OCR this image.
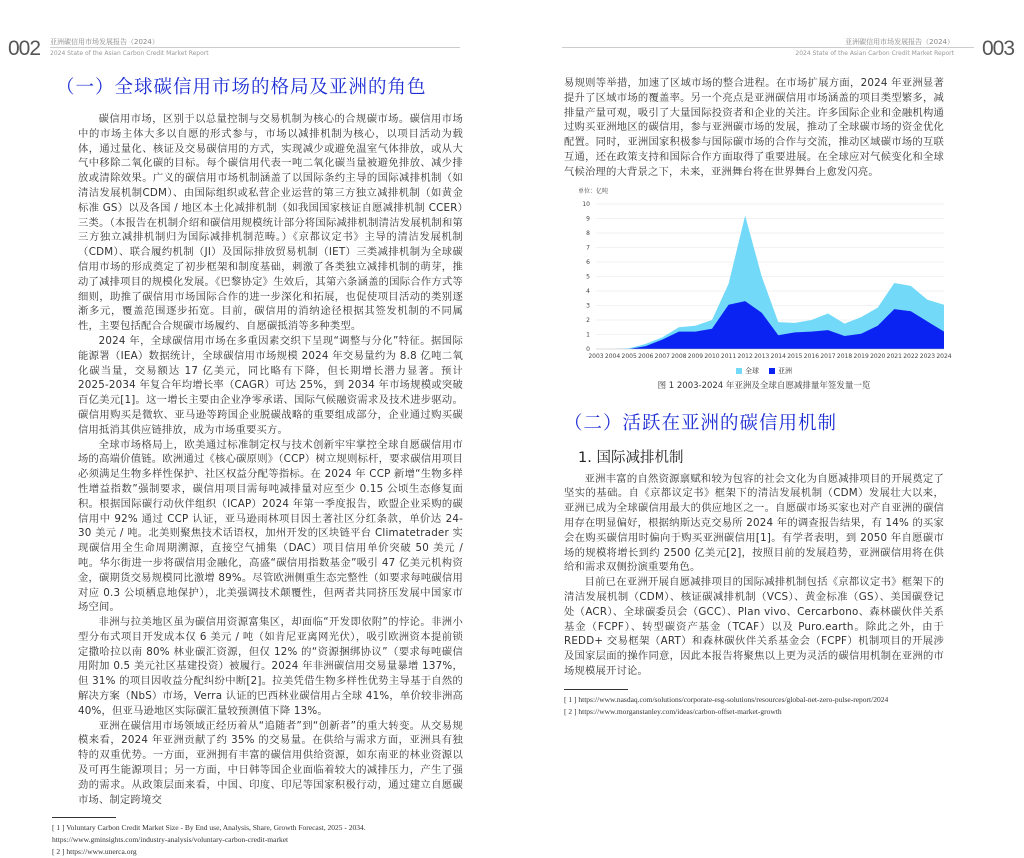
002 亚洲碳信用市场发展报告（2024）
2024 State of the Asian Carbon Credit Market Report
（一）全球碳信用市场的格局及亚洲的角色

碳信用市场，区别于以总量控制与交易机制为核心的合规碳市场。碳信用市场中的市场主体大多以自愿的形式参与，市场以减排机制为核心，以项目活动为载体，通过量化、核证及交易碳信用的方式，实现减少或避免温室气体排放，或从大气中移除二氧化碳的目标。每个碳信用代表一吨二氧化碳当量被避免排放、减少排放或清除效果。广义的碳信用市场机制涵盖了以国际条约主导的国际减排机制（如清洁发展机制CDM）、由国际组织或私营企业运营的第三方独立减排机制（如黄金标准 GS）以及各国 / 地区本土化减排机制（如我国国家核证自愿减排机制 CCER）三类。（本报告在机制介绍和碳信用规模统计部分将国际减排机制清洁发展机制和第三方独立减排机制归为国际减排机制范畴。）《京都议定书》主导的清洁发展机制（CDM）、联合履约机制（JI）及国际排放贸易机制（IET）三类减排机制为全球碳信用市场的形成奠定了初步框架和制度基础，刺激了各类独立减排机制的萌芽，推动了减排项目的规模化发展。《巴黎协定》生效后，其第六条涵盖的国际合作方式等细则，助推了碳信用市场国际合作的进一步深化和拓展，也促使项目活动的类别逐渐多元，覆盖范围逐步拓宽。目前，碳信用的消纳途径根据其签发机制的不同属性，主要包括配合合规碳市场履约、自愿碳抵消等多种类型。

2024 年，全球碳信用市场在多重因素交织下呈现“调整与分化”特征。据国际能源署（IEA）数据统计，全球碳信用市场规模 2024 年交易量约为 8.8 亿吨二氧化碳当量，交易额达 17 亿美元，同比略有下降，但长期增长潜力显著。预计 2025-2034 年复合年均增长率（CAGR）可达 25%，到 2034 年市场规模或突破百亿美元[1]。这一增长主要由企业净零承诺、国际气候融资需求及技术进步驱动。碳信用购买是微软、亚马逊等跨国企业脱碳战略的重要组成部分，企业通过购买碳信用抵消其供应链排放，成为市场重要买方。

全球市场格局上，欧美通过标准制定权与技术创新牢牢掌控全球自愿碳信用市场的高端价值链。欧洲通过《核心碳原则》（CCP）树立规则标杆，要求碳信用项目必须满足生物多样性保护、社区权益分配等指标。在 2024 年 CCP 新增“生物多样性增益指数”强制要求，碳信用项目需每吨减排量对应至少 0.15 公顷生态修复面积。根据国际碳行动伙伴组织（ICAP）2024 年第一季度报告，欧盟企业采购的碳信用中 92% 通过 CCP 认证，亚马逊雨林项目因土著社区分红条款，单价达 24-30 美元 / 吨。北美则聚焦技术话语权，加州开发的区块链平台 Climatetrader 实现碳信用全生命周期溯源，直接空气捕集（DAC）项目信用单价突破 50 美元 / 吨。华尔街进一步将碳信用金融化，高盛“碳信用指数基金”吸引 47 亿美元机构资金，碳期货交易规模同比激增 89%。尽管欧洲侧重生态完整性（如要求每吨碳信用对应 0.3 公顷栖息地保护），北美强调技术颠覆性，但两者共同挤压发展中国家市场空间。

非洲与拉美地区虽为碳信用资源富集区，却面临“开发即依附”的悖论。非洲小型分布式项目开发成本仅 6 美元 / 吨（如肯尼亚离网光伏），吸引欧洲资本提前锁定撒哈拉以南 80% 林业碳汇资源，但仅 12% 的“资源捆绑协议”（要求每吨碳信用附加 0.5 美元社区基建投资）被履行。2024 年非洲碳信用交易量暴增 137%，但 31% 的项目因收益分配纠纷中断[2]。拉美凭借生物多样性优势主导基于自然的解决方案（NbS）市场，Verra 认证的巴西林业碳信用占全球 41%，单价较非洲高 40%，但亚马逊地区实际碳汇量较预测值下降 13%。

亚洲在碳信用市场领域正经历着从“追随者”到“创新者”的重大转变。从交易规模来看，2024 年亚洲贡献了约 35% 的交易量。在供给与需求方面，亚洲具有独特的双重优势。一方面，亚洲拥有丰富的碳信用供给资源，如东南亚的林业资源以及可再生能源项目；另一方面，中日韩等国企业面临着较大的减排压力，产生了强劲的需求。从政策层面来看，中国、印度、印尼等国家积极行动，通过建立自愿碳市场、制定跨境交

[ 1 ] Voluntary Carbon Credit Market Size - By End use, Analysis, Share, Growth Forecast, 2025 - 2034. https://www.gminsights.com/industry-analysis/voluntary-carbon-credit-market
[ 2 ] https://www.unerca.org
亚洲碳信用市场发展报告（2024）
2024 State of the Asian Carbon Credit Market Report 003

易规则等举措，加速了区域市场的整合进程。在市场扩展方面，2024 年亚洲显著提升了区域市场的覆盖率。另一个亮点是亚洲碳信用市场涵盖的项目类型繁多，减排量产量可观，吸引了大量国际投资者和企业的关注。许多国际企业和金融机构通过购买亚洲地区的碳信用，参与亚洲碳市场的发展，推动了全球碳市场的资金优化配置。同时，亚洲国家积极参与国际碳市场的合作与交流，推动区域碳市场的互联互通，还在政策支持和国际合作方面取得了重要进展。在全球应对气候变化和全球气候治理的大背景之下，未来，亚洲舞台将在世界舞台上愈发闪亮。

单位：亿吨
0
1
2
3
4
5
6
7
8
9
10
2003 2004 2005 2006 2007 2008 2009 2010 2011 2012 2013 2014 2015 2016 2017 2018 2019 2020 2021 2022 2023 2024
全球	亚洲
图 1 2003-2024 年亚洲及全球自愿减排量年签发量一览
（二）活跃在亚洲的碳信用机制
1. 国际减排机制

亚洲丰富的自然资源禀赋和较为包容的社会文化为自愿减排项目的开展奠定了坚实的基础。自《京都议定书》框架下的清洁发展机制（CDM）发展壮大以来，亚洲已成为全球碳信用最大的供应地区之一。自愿碳市场买家也对产自亚洲的碳信用存在明显偏好，根据纳斯达克交易所 2024 年的调查报告结果，有 14% 的买家会在购买碳信用时偏向于购买亚洲碳信用[1]。有学者表明，到 2050 年自愿碳市场的规模将增长到约 2500 亿美元[2]，按照目前的发展趋势，亚洲碳信用将在供给和需求双侧扮演重要角色。

目前已在亚洲开展自愿减排项目的国际减排机制包括《京都议定书》框架下的清洁发展机制（CDM）、核证碳减排机制（VCS）、黄金标准（GS）、美国碳登记处（ACR）、全球碳委员会（GCC）、Plan vivo、Cercarbono、森林碳伙伴关系基金（FCPF）、转型碳资产基金（TCAF）以及 Puro.earth。除此之外，由于 REDD+ 交易框架（ART）和森林碳伙伴关系基金会（FCPF）机制项目的开展涉及国家层面的操作同意，因此本报告将聚焦以上更为灵活的碳信用机制在亚洲的市场规模展开讨论。

[ 1 ] https://www.nasdaq.com/solutions/corporate-esg-solutions/resources/global-net-zero-pulse-report/2024
[ 2 ] https://www.morganstanley.com/ideas/carbon-offset-market-growth
